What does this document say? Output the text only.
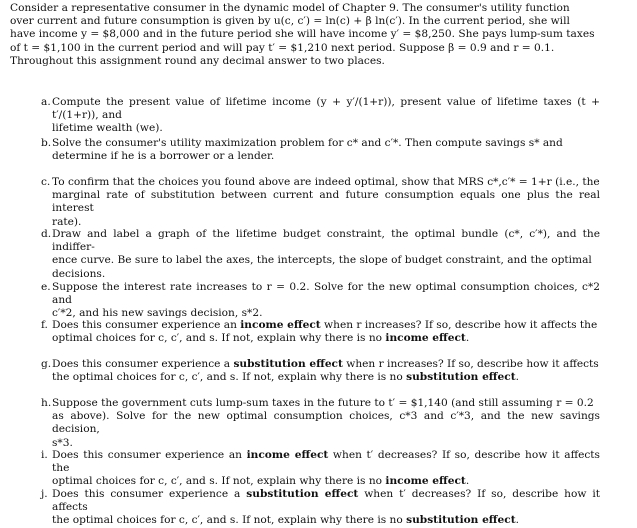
Consider a representative consumer in the dynamic model of Chapter 9. The consumer's utility function
over current and future consumption is given by u(c, c′) = ln(c) + β ln(c′). In the current period, she will
have income y = $8,000 and in the future period she will have income y′ = $8,250. She pays lump-sum taxes
of t = $1,100 in the current period and will pay t′ = $1,210 next period. Suppose β = 0.9 and r = 0.1.
Throughout this assignment round any decimal answer to two places.

a. Compute the present value of lifetime income (y + y′/(1+r)), present value of lifetime taxes (t + t′/(1+r)), and
lifetime wealth (we).
b. Solve the consumer's utility maximization problem for c* and c′*. Then compute savings s* and
determine if he is a borrower or a lender.
c. To confirm that the choices you found above are indeed optimal, show that MRS c*,c′* = 1+r (i.e., the
marginal rate of substitution between current and future consumption equals one plus the real interest
rate).
d. Draw and label a graph of the lifetime budget constraint, the optimal bundle (c*, c′*), and the indiffer-
ence curve. Be sure to label the axes, the intercepts, the slope of budget constraint, and the optimal
decisions.
e. Suppose the interest rate increases to r = 0.2. Solve for the new optimal consumption choices, c*2 and
c′*2, and his new savings decision, s*2.
f. Does this consumer experience an income effect when r increases? If so, describe how it affects the
optimal choices for c, c′, and s. If not, explain why there is no income effect.
g. Does this consumer experience a substitution effect when r increases? If so, describe how it affects
the optimal choices for c, c′, and s. If not, explain why there is no substitution effect.
h. Suppose the government cuts lump-sum taxes in the future to t′ = $1,140 (and still assuming r = 0.2
as above). Solve for the new optimal consumption choices, c*3 and c′*3, and the new savings decision,
s*3.
i. Does this consumer experience an income effect when t′ decreases? If so, describe how it affects the
optimal choices for c, c′, and s. If not, explain why there is no income effect.
j. Does this consumer experience a substitution effect when t′ decreases? If so, describe how it affects
the optimal choices for c, c′, and s. If not, explain why there is no substitution effect.
